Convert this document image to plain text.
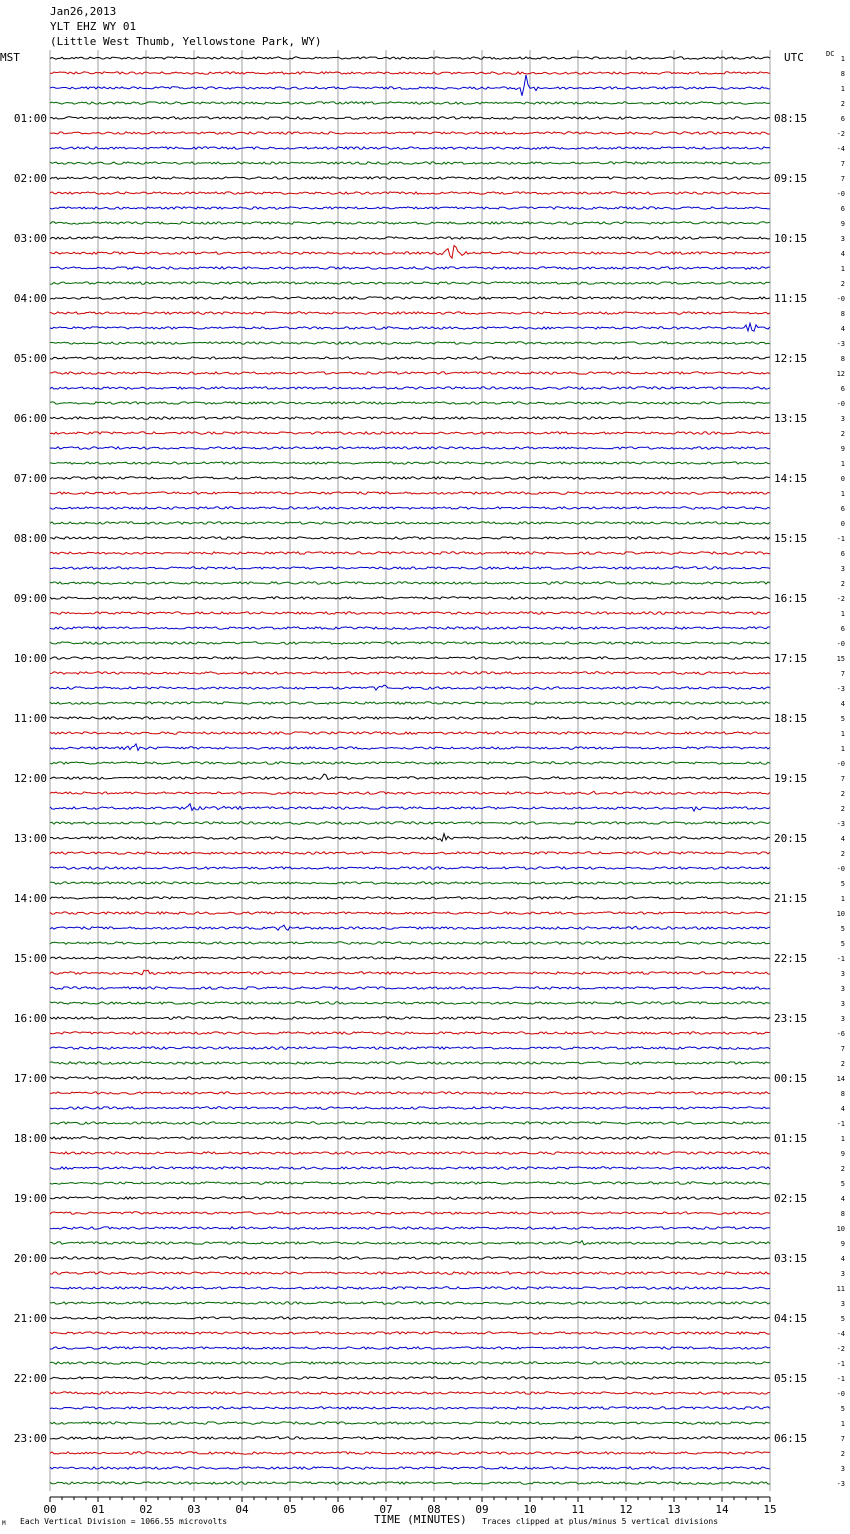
Jan26,2013
YLT EHZ WY 01
(Little West Thumb, Yellowstone Park, WY)
00	01	02	03	04	05	06	07	08	09	10	11	12	13	14	15
01:00
02:00
03:00
04:00
05:00
06:00
07:00
08:00
09:00
10:00
11:00
12:00
13:00
14:00
15:00
16:00
17:00
18:00
19:00
20:00
21:00
22:00
23:00
08:15
09:15
10:15
11:15
12:15
13:15
14:15
15:15
16:15
17:15
18:15
19:15
20:15
21:15
22:15
23:15
00:15
01:15
02:15
03:15
04:15
05:15
06:15
1
8
1
2
6
-2
-4
7
7
-0
6
9
3
4
1
2
-0
8
4
-3
8
12
6
-0
3
2
9
1
0
1
6
0
-1
6
3
2
-2
1
6
-0
15
7
-3
4
5
1
1
-0
7
2
2
-3
4
2
-0
5
1
10
5
5
-1
3
3
3
3
-6
7
2
14
8
4
-1
1
9
2
5
4
8
10
9
4
3
11
3
5
-4
-2
-1
-1
-0
5
1
7
2
3
-3
MST	UTC	DC
TIME (MINUTES)
Each Vertical Division = 1066.55 microvolts	Traces clipped at plus/minus 5 vertical divisions
M
